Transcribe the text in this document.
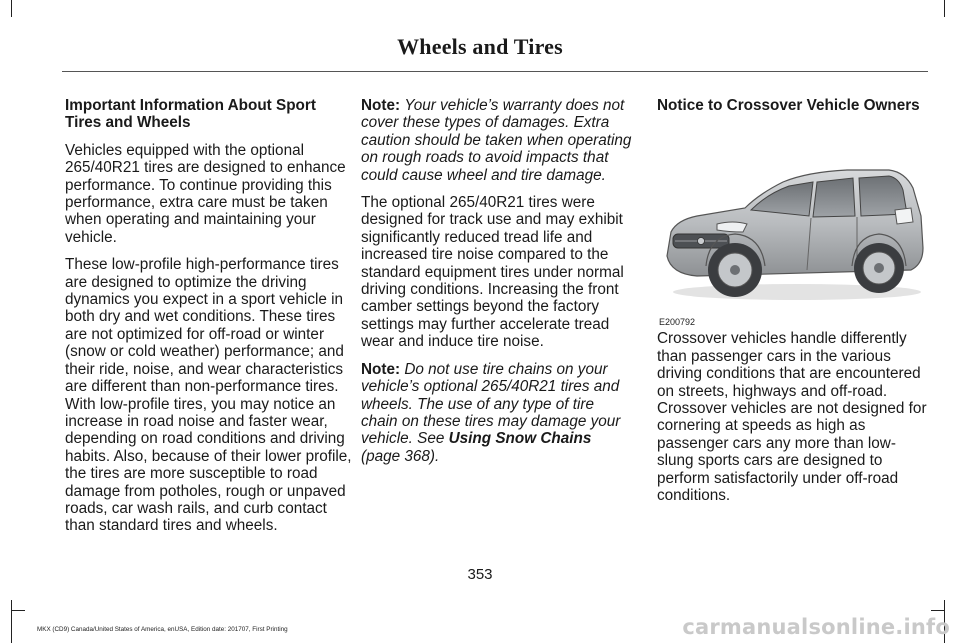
Wheels and Tires

Important Information About Sport Tires and Wheels

Vehicles equipped with the optional 265/40R21 tires are designed to enhance performance. To continue providing this performance, extra care must be taken when operating and maintaining your vehicle.

These low-profile high-performance tires are designed to optimize the driving dynamics you expect in a sport vehicle in both dry and wet conditions. These tires are not optimized for off-road or winter (snow or cold weather) performance; and their ride, noise, and wear characteristics are different than non-performance tires. With low-profile tires, you may notice an increase in road noise and faster wear, depending on road conditions and driving habits. Also, because of their lower profile, the tires are more susceptible to road damage from potholes, rough or unpaved roads, car wash rails, and curb contact than standard tires and wheels.

Note: Your vehicle’s warranty does not cover these types of damages. Extra caution should be taken when operating on rough roads to avoid impacts that could cause wheel and tire damage.

The optional 265/40R21 tires were designed for track use and may exhibit significantly reduced tread life and increased tire noise compared to the standard equipment tires under normal driving conditions. Increasing the front camber settings beyond the factory settings may further accelerate tread wear and induce tire noise.

Note: Do not use tire chains on your vehicle’s optional 265/40R21 tires and wheels. The use of any type of tire chain on these tires may damage your vehicle. See Using Snow Chains (page 368).

Notice to Crossover Vehicle Owners

E200792

Crossover vehicles handle differently than passenger cars in the various driving conditions that are encountered on streets, highways and off-road. Crossover vehicles are not designed for cornering at speeds as high as passenger cars any more than low-slung sports cars are designed to perform satisfactorily under off-road conditions.

353
MKX (CD9) Canada/United States of America, enUSA, Edition date: 201707, First Printing	carmanualsonline.info
